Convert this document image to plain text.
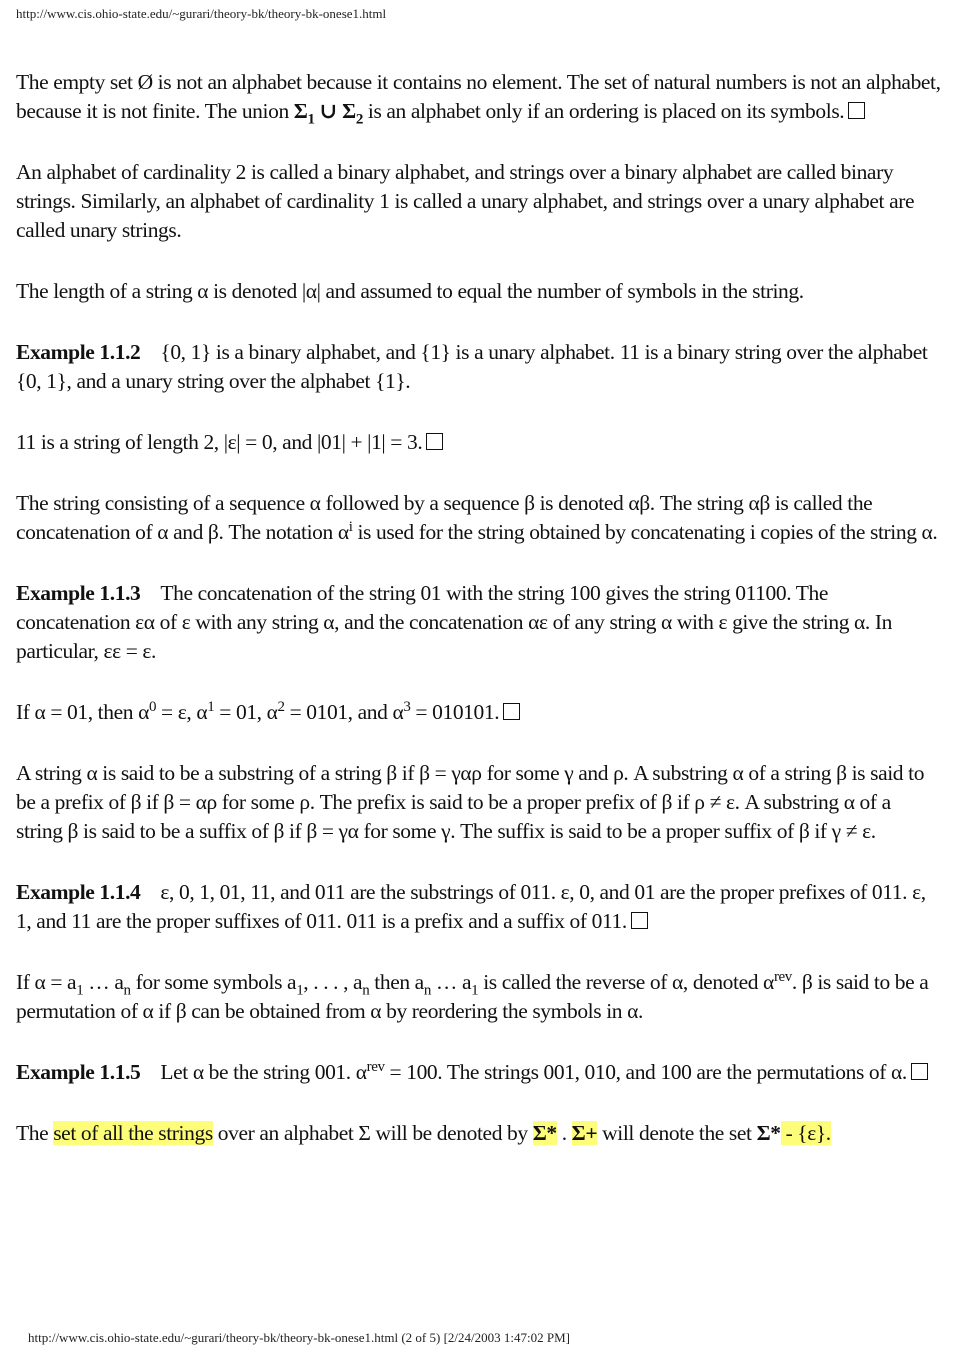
http://www.cis.ohio-state.edu/~gurari/theory-bk/theory-bk-onese1.html

The empty set Ø is not an alphabet because it contains no element. The set of natural numbers is not an alphabet, because it is not finite. The union $\Sigma_1$ ∪ $\Sigma_2$ is an alphabet only if an ordering is placed on its symbols.

An alphabet of cardinality 2 is called a binary alphabet, and strings over a binary alphabet are called binary strings. Similarly, an alphabet of cardinality 1 is called a unary alphabet, and strings over a unary alphabet are called unary strings.

The length of a string α is denoted |α| and assumed to equal the number of symbols in the string.

Example 1.1.2 {0, 1} is a binary alphabet, and {1} is a unary alphabet. 11 is a binary string over the alphabet {0, 1}, and a unary string over the alphabet {1}.

11 is a string of length 2, |ε| = 0, and |01| + |1| = 3.

The string consisting of a sequence α followed by a sequence β is denoted αβ. The string αβ is called the concatenation of α and β. The notation $\alpha^i$ is used for the string obtained by concatenating i copies of the string α.

Example 1.1.3 The concatenation of the string 01 with the string 100 gives the string 01100. The concatenation εα of ε with any string α, and the concatenation αε of any string α with ε give the string α. In particular, εε = ε.

If α = 01, then $\alpha^0 = \varepsilon$, $\alpha^1 = 01$, $\alpha^2 = 0101$, and $\alpha^3 = 010101$.

A string α is said to be a substring of a string β if β = γαρ for some γ and ρ. A substring α of a string β is said to be a prefix of β if β = αρ for some ρ. The prefix is said to be a proper prefix of β if ρ ≠ ε. A substring α of a string β is said to be a suffix of β if β = γα for some γ. The suffix is said to be a proper suffix of β if γ ≠ ε.

Example 1.1.4 ε, 0, 1, 01, 11, and 011 are the substrings of 011. ε, 0, and 01 are the proper prefixes of 011. ε, 1, and 11 are the proper suffixes of 011. 011 is a prefix and a suffix of 011.

If $\alpha = a_1$ … $a_n$ for some symbols $a_1$, . . . , $a_n$ then $a_n$ … $a_1$ is called the reverse of α, denoted $\alpha^{rev}$. β is said to be a permutation of α if β can be obtained from α by reordering the symbols in α.

Example 1.1.5 Let α be the string 001. $\alpha^{rev} = 100$. The strings 001, 010, and 100 are the permutations of α.

The set of all the strings over an alphabet Σ will be denoted by Σ* . Σ+ will denote the set Σ* - {ε}.

http://www.cis.ohio-state.edu/~gurari/theory-bk/theory-bk-onese1.html (2 of 5) [2/24/2003 1:47:02 PM]
